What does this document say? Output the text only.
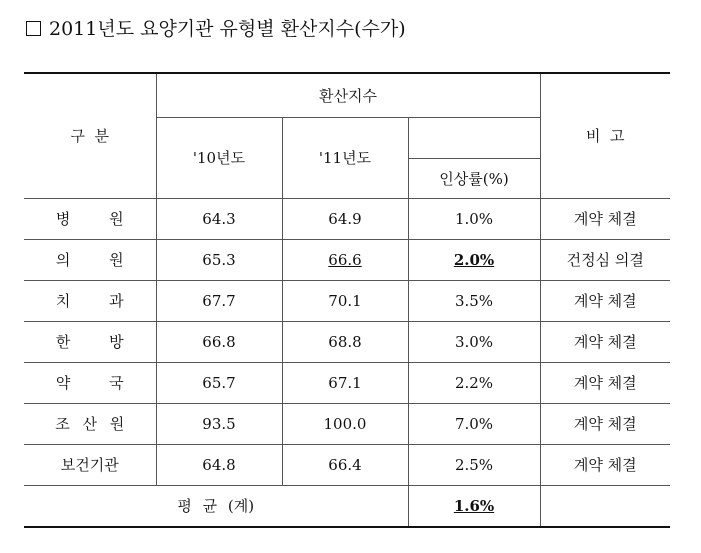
2011년도 요양기관 유형별 환산지수(수가)
구  분	환산지수			비  고
	'10년도	'11년도		
			인상률(%)	
병 원	64.3	64.9	1.0%	계약 체결
의 원	65.3	66.6	2.0%	건정심 의결
치 과	67.7	70.1	3.5%	계약 체결
한 방	66.8	68.8	3.0%	계약 체결
약 국	65.7	67.1	2.2%	계약 체결
조 산 원	93.5	100.0	7.0%	계약 체결
보건기관	64.8	66.4	2.5%	계약 체결
평 균 (계)			1.6%	
